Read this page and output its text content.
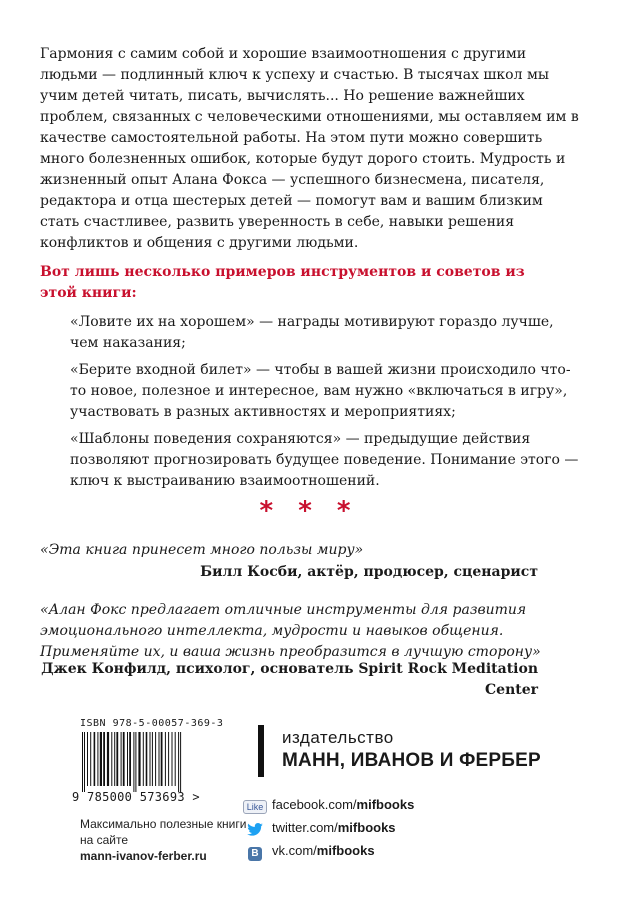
Гармония с самим собой и хорошие взаимоотношения с другими людьми — подлинный ключ к успеху и счастью. В тысячах школ мы учим детей читать, писать, вычислять... Но решение важнейших проблем, связанных с человеческими отношениями, мы оставляем им в качестве самостоятельной работы. На этом пути можно совершить много болезненных ошибок, которые будут дорого стоить. Мудрость и жизненный опыт Алана Фокса — успешного бизнесмена, писателя, редактора и отца шестерых детей — помогут вам и вашим близким стать счастливее, развить уверенность в себе, навыки решения конфликтов и общения с другими людьми.

Вот лишь несколько примеров инструментов и советов из этой книги:

«Ловите их на хорошем» — награды мотивируют гораздо лучше, чем наказания;

«Берите входной билет» — чтобы в вашей жизни происходило что-то новое, полезное и интересное, вам нужно «включаться в игру», участвовать в разных активностях и мероприятиях;

«Шаблоны поведения сохраняются» — предыдущие действия позволяют прогнозировать будущее поведение. Понимание этого — ключ к выстраиванию взаимоотношений.

* * *

«Эта книга принесет много пользы миру»

Билл Косби, актёр, продюсер, сценарист

«Алан Фокс предлагает отличные инструменты для развития эмоционального интеллекта, мудрости и навыков общения. Применяйте их, и ваша жизнь преобразится в лучшую сторону»

Джек Конфилд, психолог, основатель Spirit Rock Meditation Center

ISBN 978-5-00057-369-3
9 785000 573693 >
Максимально полезные книги на сайте
mann-ivanov-ferber.ru
издательство
МАНН, ИВАНОВ И ФЕРБЕР
Like facebook.com/mifbooks
twitter.com/mifbooks
B vk.com/mifbooks
